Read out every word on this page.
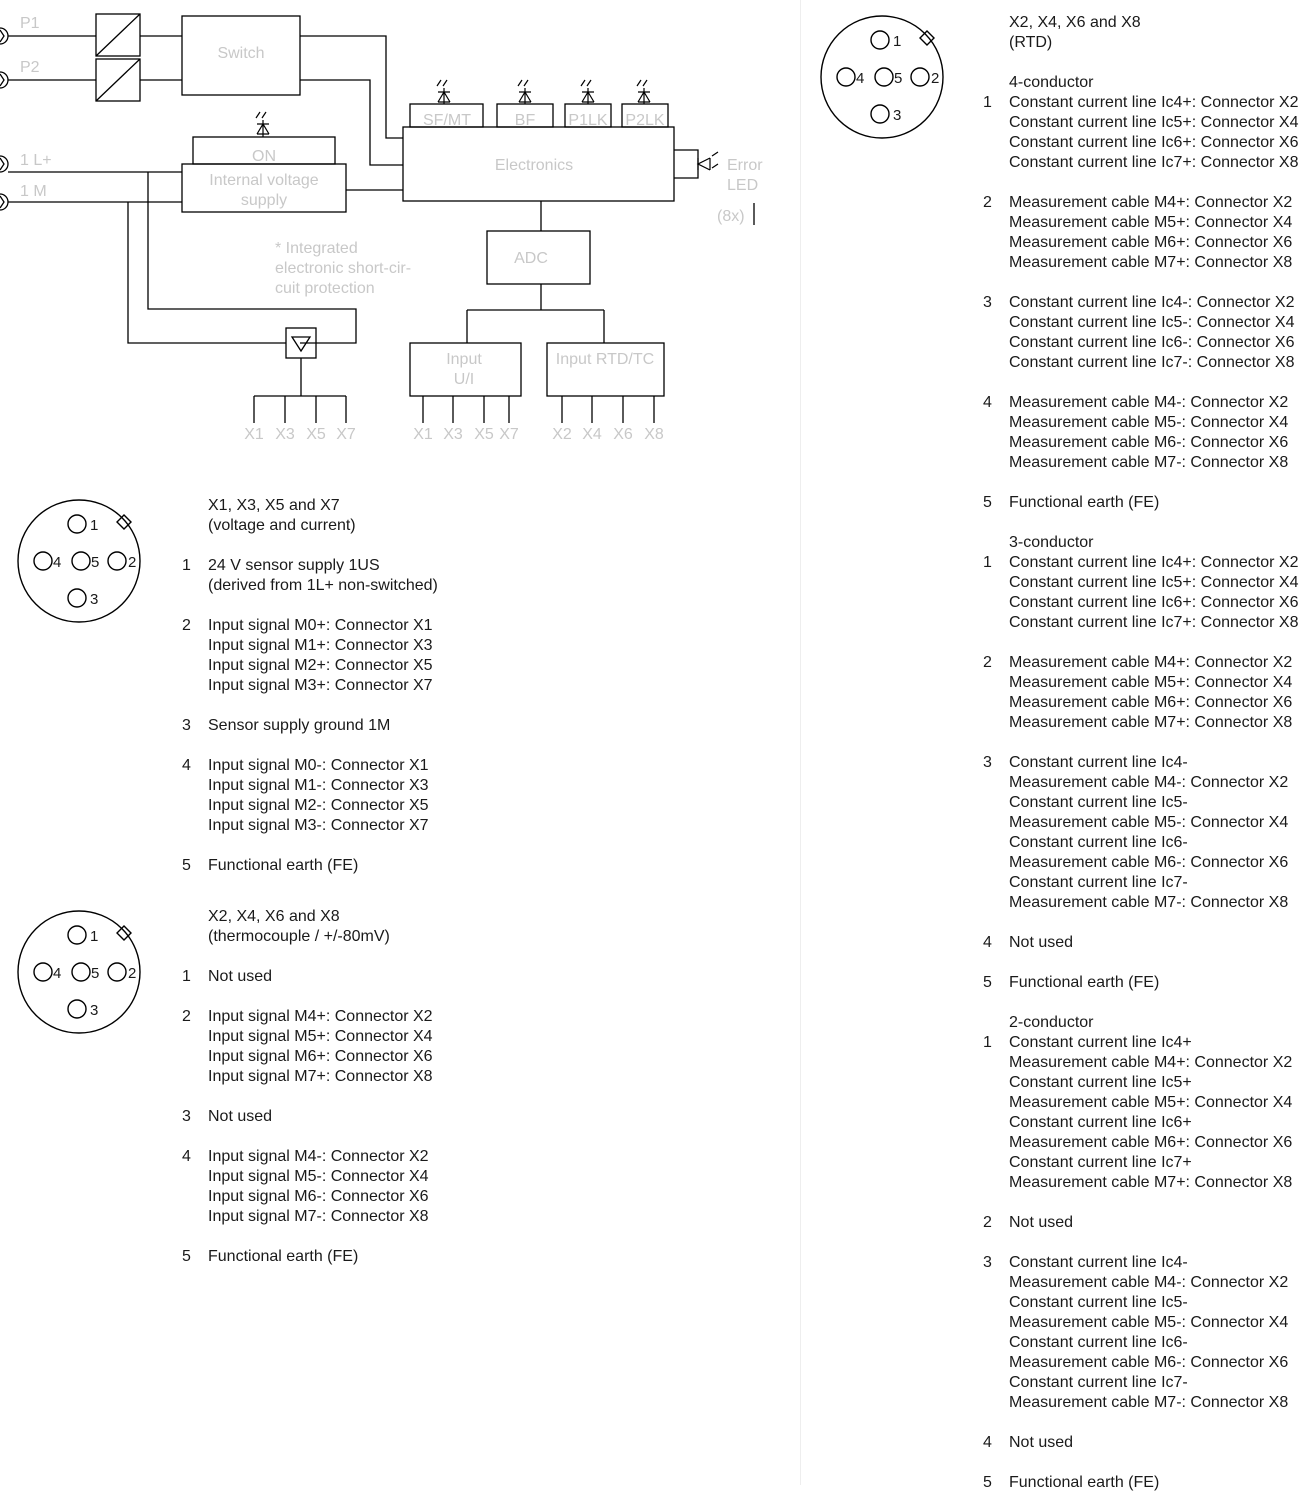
P1
P2
1 L+
1 M
Switch
ON
Internal voltage
supply
* Integrated
electronic short-cir-
cuit protection
Electronics
SF/MT	BF P1LK P2LK
Error
LED
(8x)
ADC
Input
U/I
Input RTD/TC
X1 X3 X5 X7	X1 X3 X5 X7 X2 X4 X6 X8
1
2
3
4 5
1
2
3
4 5
1
2
3
4 5
X1, X3, X5 and X7
(voltage and current)
1	24 V sensor supply 1US
(derived from 1L+ non-switched)
2	Input signal M0+: Connector X1
Input signal M1+: Connector X3
Input signal M2+: Connector X5
Input signal M3+: Connector X7
3	Sensor supply ground 1M
4	Input signal M0-: Connector X1
Input signal M1-: Connector X3
Input signal M2-: Connector X5
Input signal M3-: Connector X7
5	Functional earth (FE)
X2, X4, X6 and X8
(thermocouple / +/-80mV)
1	Not used
2	Input signal M4+: Connector X2
Input signal M5+: Connector X4
Input signal M6+: Connector X6
Input signal M7+: Connector X8
3	Not used
4	Input signal M4-: Connector X2
Input signal M5-: Connector X4
Input signal M6-: Connector X6
Input signal M7-: Connector X8
5	Functional earth (FE)
X2, X4, X6 and X8
(RTD)
4-conductor
1	Constant current line Ic4+: Connector X2
Constant current line Ic5+: Connector X4
Constant current line Ic6+: Connector X6
Constant current line Ic7+: Connector X8
2	Measurement cable M4+: Connector X2
Measurement cable M5+: Connector X4
Measurement cable M6+: Connector X6
Measurement cable M7+: Connector X8
3	Constant current line Ic4-: Connector X2
Constant current line Ic5-: Connector X4
Constant current line Ic6-: Connector X6
Constant current line Ic7-: Connector X8
4	Measurement cable M4-: Connector X2
Measurement cable M5-: Connector X4
Measurement cable M6-: Connector X6
Measurement cable M7-: Connector X8
5	Functional earth (FE)
3-conductor
1	Constant current line Ic4+: Connector X2
Constant current line Ic5+: Connector X4
Constant current line Ic6+: Connector X6
Constant current line Ic7+: Connector X8
2	Measurement cable M4+: Connector X2
Measurement cable M5+: Connector X4
Measurement cable M6+: Connector X6
Measurement cable M7+: Connector X8
3	Constant current line Ic4-
Measurement cable M4-: Connector X2
Constant current line Ic5-
Measurement cable M5-: Connector X4
Constant current line Ic6-
Measurement cable M6-: Connector X6
Constant current line Ic7-
Measurement cable M7-: Connector X8
4	Not used
5	Functional earth (FE)
2-conductor
1	Constant current line Ic4+
Measurement cable M4+: Connector X2
Constant current line Ic5+
Measurement cable M5+: Connector X4
Constant current line Ic6+
Measurement cable M6+: Connector X6
Constant current line Ic7+
Measurement cable M7+: Connector X8
2	Not used
3	Constant current line Ic4-
Measurement cable M4-: Connector X2
Constant current line Ic5-
Measurement cable M5-: Connector X4
Constant current line Ic6-
Measurement cable M6-: Connector X6
Constant current line Ic7-
Measurement cable M7-: Connector X8
4	Not used
5	Functional earth (FE)
